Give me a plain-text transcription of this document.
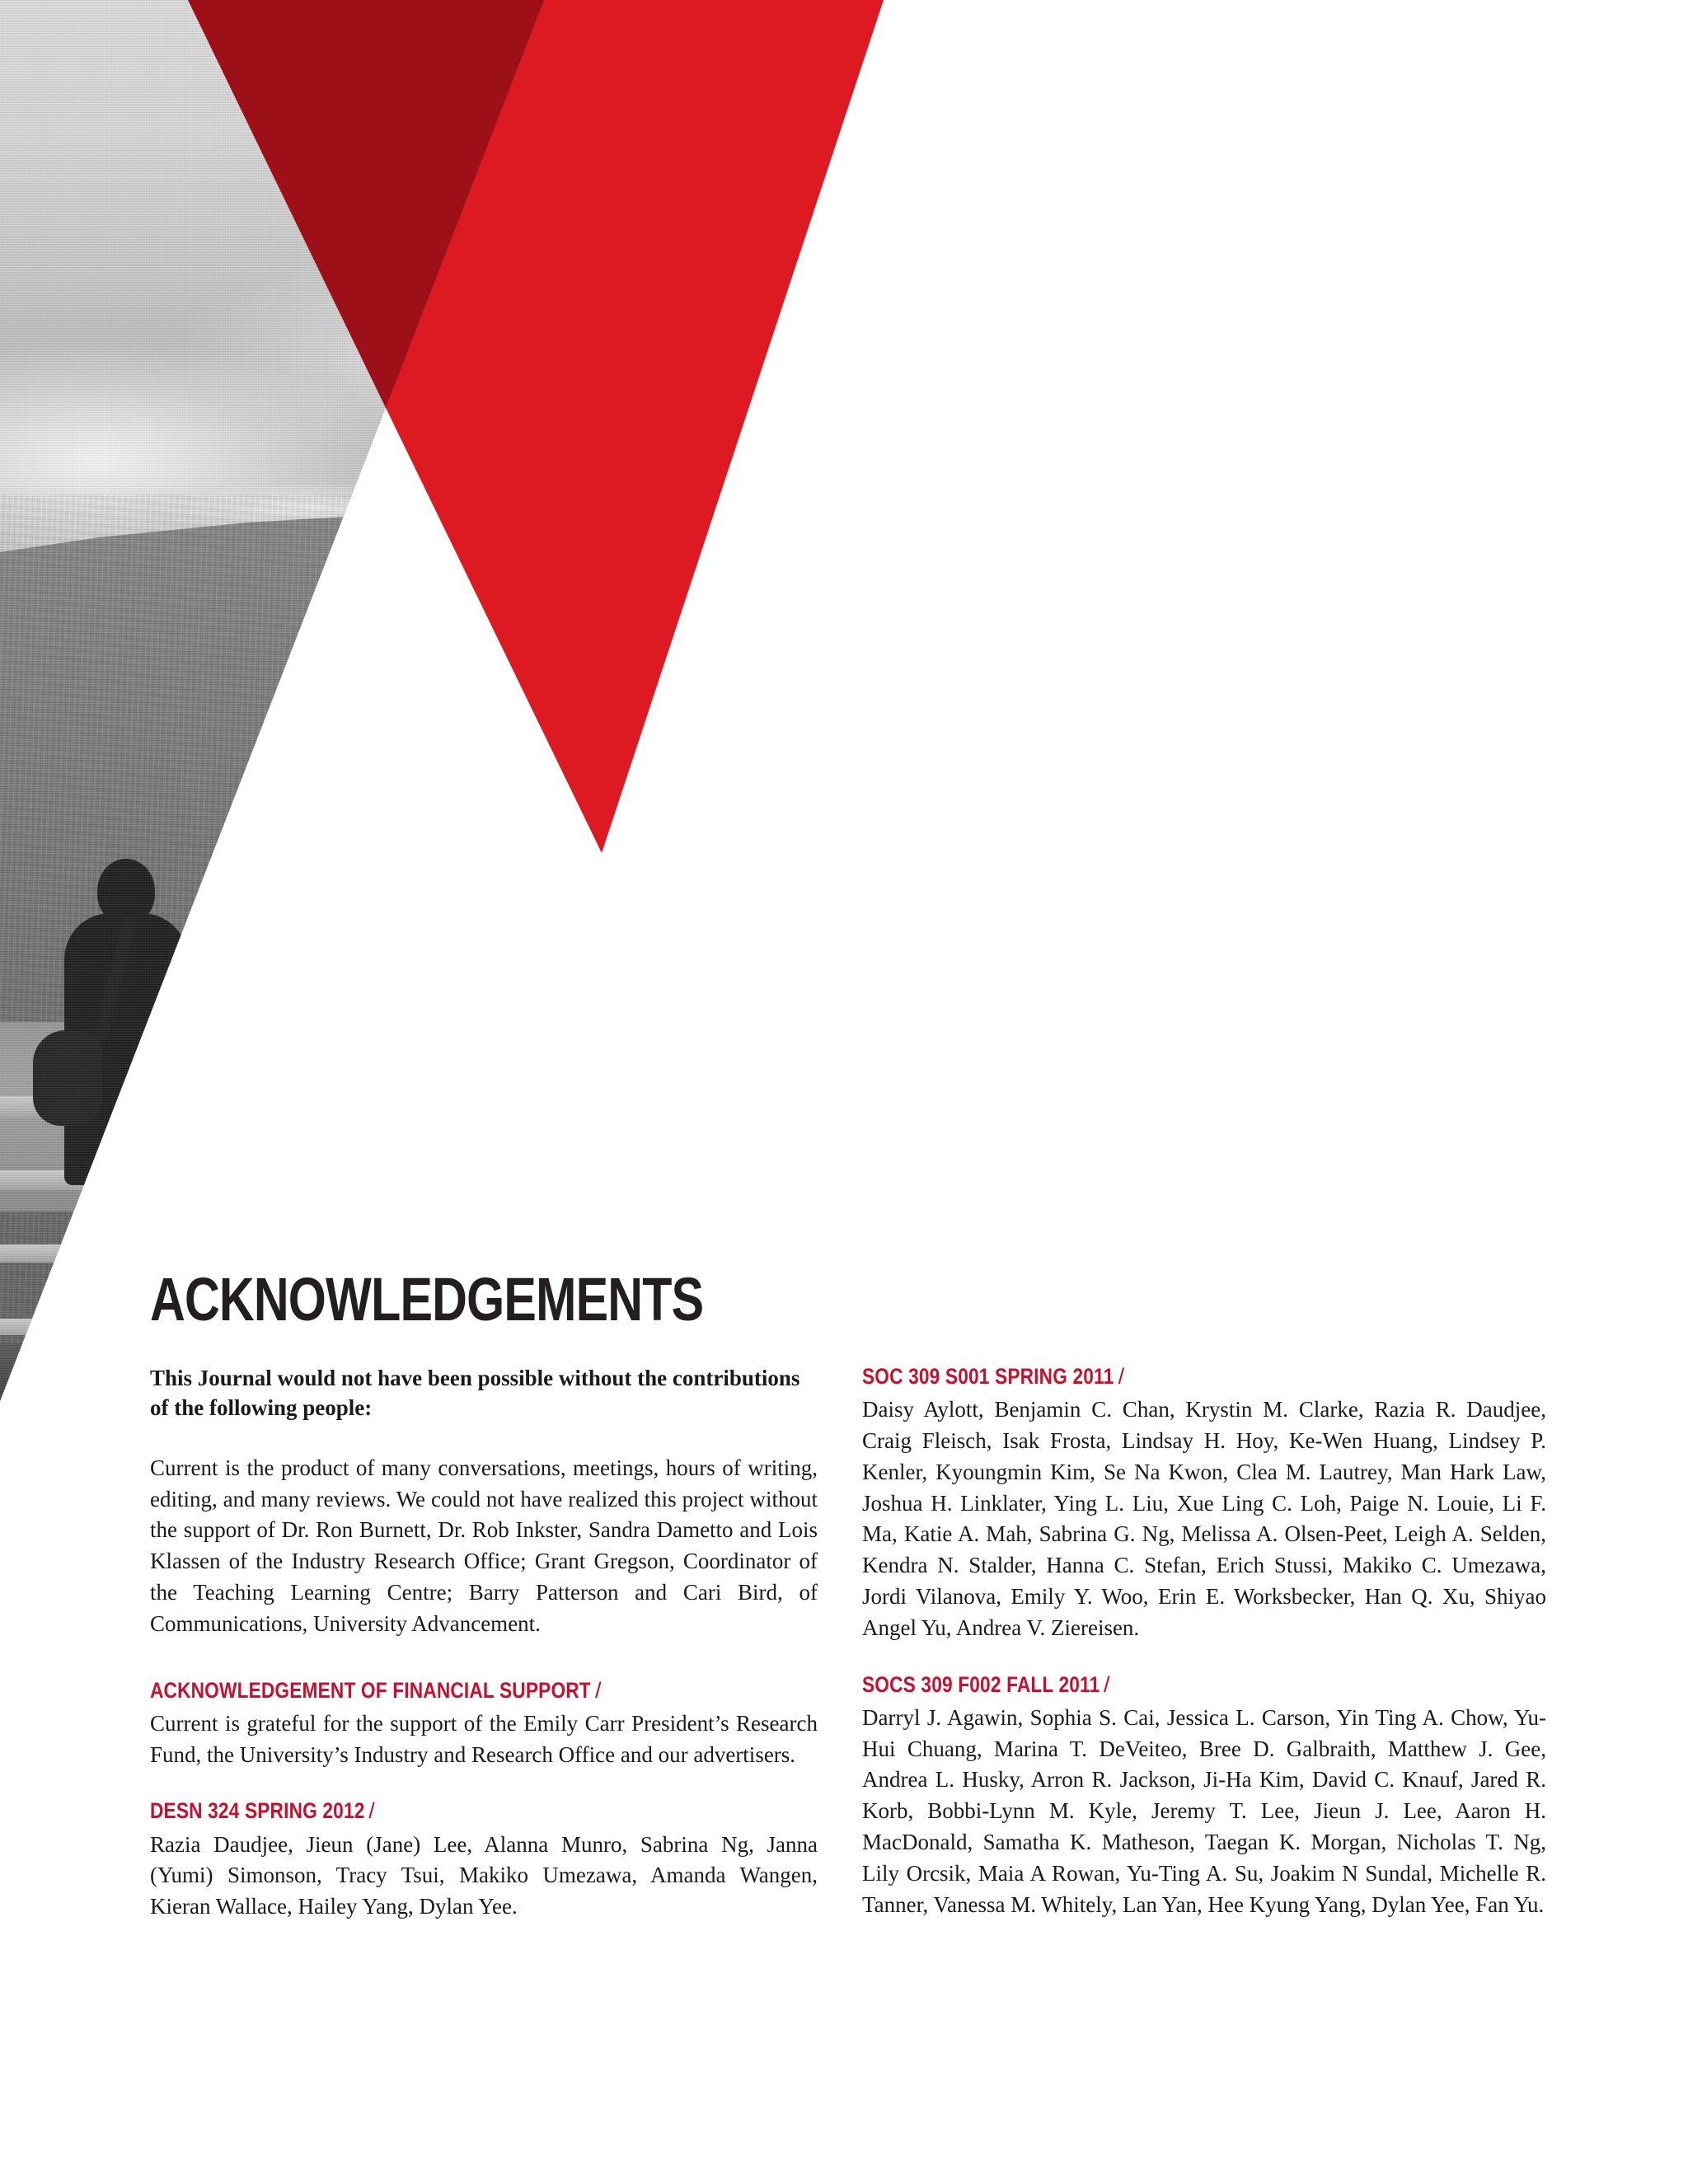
ACKNOWLEDGEMENTS

This Journal would not have been possible without the contributions of the following people:

Current is the product of many conversations, meetings, hours of writing, editing, and many reviews. We could not have realized this project without the support of Dr. Ron Burnett, Dr. Rob Inkster, Sandra Dametto and Lois Klassen of the Industry Research Office; Grant Gregson, Coordinator of the Teaching Learning Centre; Barry Patterson and Cari Bird, of Communications, University Advancement.

ACKNOWLEDGEMENT OF FINANCIAL SUPPORT /

Current is grateful for the support of the Emily Carr President’s Research Fund, the University’s Industry and Research Office and our advertisers.

DESN 324 SPRING 2012 /

Razia Daudjee, Jieun (Jane) Lee, Alanna Munro, Sabrina Ng, Janna (Yumi) Simonson, Tracy Tsui, Makiko Umezawa, Amanda Wangen, Kieran Wallace, Hailey Yang, Dylan Yee.

SOC 309 S001 SPRING 2011 /

Daisy Aylott, Benjamin C. Chan, Krystin M. Clarke, Razia R. Daudjee, Craig Fleisch, Isak Frosta, Lindsay H. Hoy, Ke-Wen Huang, Lindsey P. Kenler, Kyoungmin Kim, Se Na Kwon, Clea M. Lautrey, Man Hark Law, Joshua H. Linklater, Ying L. Liu, Xue Ling C. Loh, Paige N. Louie, Li F. Ma, Katie A. Mah, Sabrina G. Ng, Melissa A. Olsen-Peet, Leigh A. Selden, Kendra N. Stalder, Hanna C. Stefan, Erich Stussi, Makiko C. Umezawa, Jordi Vilanova, Emily Y. Woo, Erin E. Worksbecker, Han Q. Xu, Shiyao Angel Yu, Andrea V. Ziereisen.

SOCS 309 F002 FALL 2011 /

Darryl J. Agawin, Sophia S. Cai, Jessica L. Carson, Yin Ting A. Chow, Yu-Hui Chuang, Marina T. DeVeiteo, Bree D. Galbraith, Matthew J. Gee, Andrea L. Husky, Arron R. Jackson, Ji-Ha Kim, David C. Knauf, Jared R. Korb, Bobbi-Lynn M. Kyle, Jeremy T. Lee, Jieun J. Lee, Aaron H. MacDonald, Samatha K. Matheson, Taegan K. Morgan, Nicholas T. Ng, Lily Orcsik, Maia A Rowan, Yu-Ting A. Su, Joakim N Sundal, Michelle R. Tanner, Vanessa M. Whitely, Lan Yan, Hee Kyung Yang, Dylan Yee, Fan Yu.
